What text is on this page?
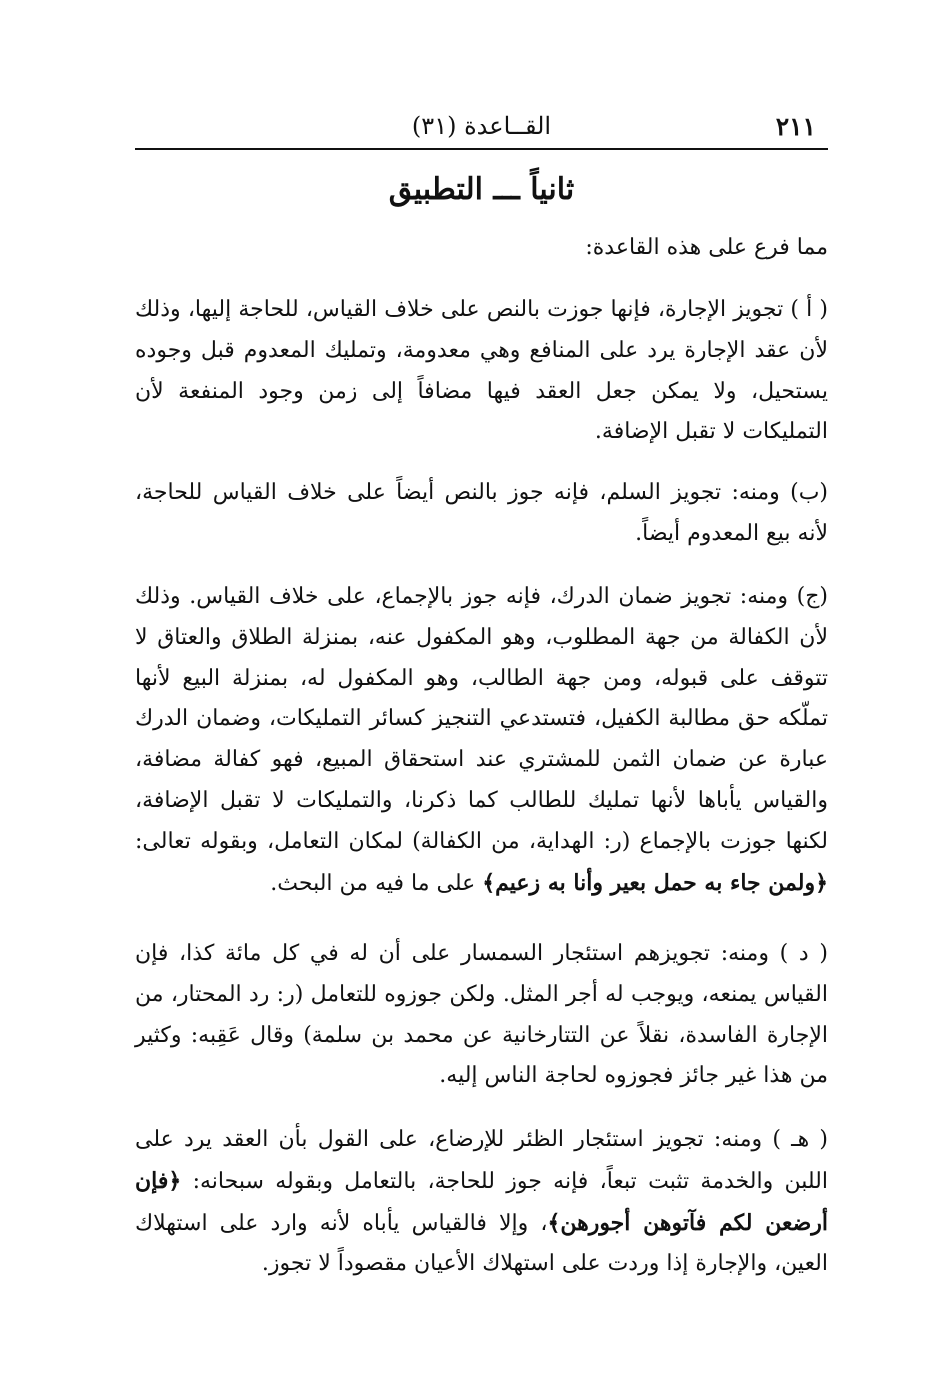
٢١١
القــاعدة (٣١)
ثانياً ـــ التطبيق
مما فرع على هذه القاعدة:

( أ ) تجويز الإجارة، فإنها جوزت بالنص على خلاف القياس، للحاجة إليها، وذلك لأن عقد الإجارة يرد على المنافع وهي معدومة، وتمليك المعدوم قبل وجوده يستحيل، ولا يمكن جعل العقد فيها مضافاً إلى زمن وجود المنفعة لأن التمليكات لا تقبل الإضافة.

(ب) ومنه: تجويز السلم، فإنه جوز بالنص أيضاً على خلاف القياس للحاجة، لأنه بيع المعدوم أيضاً.

(ج) ومنه: تجويز ضمان الدرك، فإنه جوز بالإجماع، على خلاف القياس. وذلك لأن الكفالة من جهة المطلوب، وهو المكفول عنه، بمنزلة الطلاق والعتاق لا تتوقف على قبوله، ومن جهة الطالب، وهو المكفول له، بمنزلة البيع لأنها تملّكه حق مطالبة الكفيل، فتستدعي التنجيز كسائر التمليكات، وضمان الدرك عبارة عن ضمان الثمن للمشتري عند استحقاق المبيع، فهو كفالة مضافة، والقياس يأباها لأنها تمليك للطالب كما ذكرنا، والتمليكات لا تقبل الإضافة، لكنها جوزت بالإجماع (ر: الهداية، من الكفالة) لمكان التعامل، وبقوله تعالى: ﴿ولمن جاء به حمل بعير وأنا به زعيم﴾ على ما فيه من البحث.

( د ) ومنه: تجويزهم استئجار السمسار على أن له في كل مائة كذا، فإن القياس يمنعه، ويوجب له أجر المثل. ولكن جوزوه للتعامل (ر: رد المحتار، من الإجارة الفاسدة، نقلاً عن التتارخانية عن محمد بن سلمة) وقال عَقِبه: وكثير من هذا غير جائز فجوزوه لحاجة الناس إليه.

( هـ ) ومنه: تجويز استئجار الظئر للإرضاع، على القول بأن العقد يرد على اللبن والخدمة تثبت تبعاً، فإنه جوز للحاجة، بالتعامل وبقوله سبحانه: ﴿فإن أرضعن لكم فآتوهن أجورهن﴾، وإلا فالقياس يأباه لأنه وارد على استهلاك العين، والإجارة إذا وردت على استهلاك الأعيان مقصوداً لا تجوز.
